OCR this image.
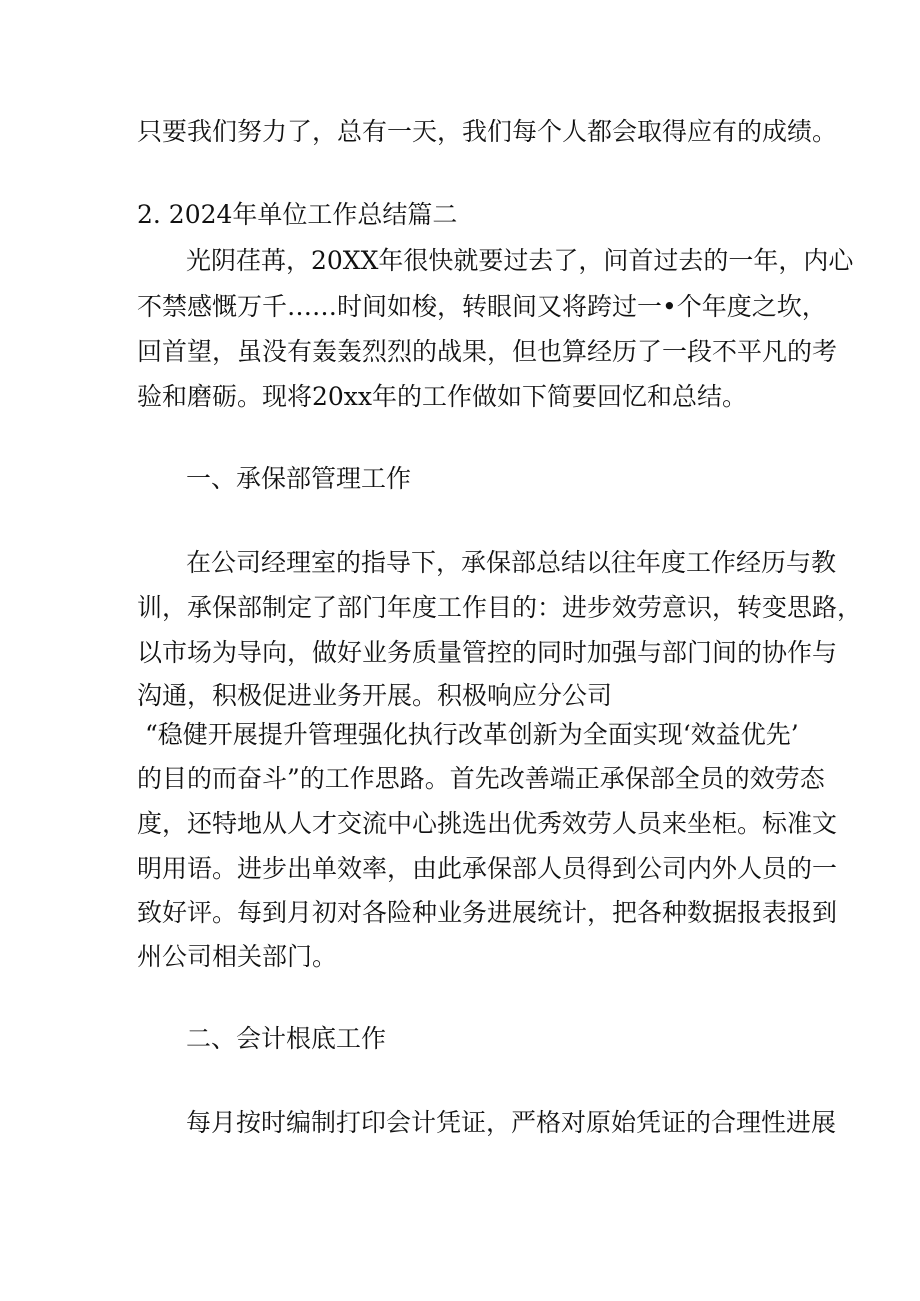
只要我们努力了，总有一天，我们每个人都会取得应有的成绩。
2. 2024年单位工作总结篇二
光阴荏苒，20XX年很快就要过去了，问首过去的一年，内心
不禁感慨万千……时间如梭，转眼间又将跨过一•个年度之坎，
回首望，虽没有轰轰烈烈的战果，但也算经历了一段不平凡的考
验和磨砺。现将20xx年的工作做如下简要回忆和总结。
一、承保部管理工作
在公司经理室的指导下，承保部总结以往年度工作经历与教
训，承保部制定了部门年度工作目的：进步效劳意识，转变思路，
以市场为导向，做好业务质量管控的同时加强与部门间的协作与
沟通，积极促进业务开展。积极响应分公司
“稳健开展提升管理强化执行改革创新为全面实现‘效益优先’
的目的而奋斗”的工作思路。首先改善端正承保部全员的效劳态
度，还特地从人才交流中心挑选出优秀效劳人员来坐柜。标准文
明用语。进步出单效率，由此承保部人员得到公司内外人员的一
致好评。每到月初对各险种业务进展统计，把各种数据报表报到
州公司相关部门。
二、会计根底工作
每月按时编制打印会计凭证，严格对原始凭证的合理性进展
